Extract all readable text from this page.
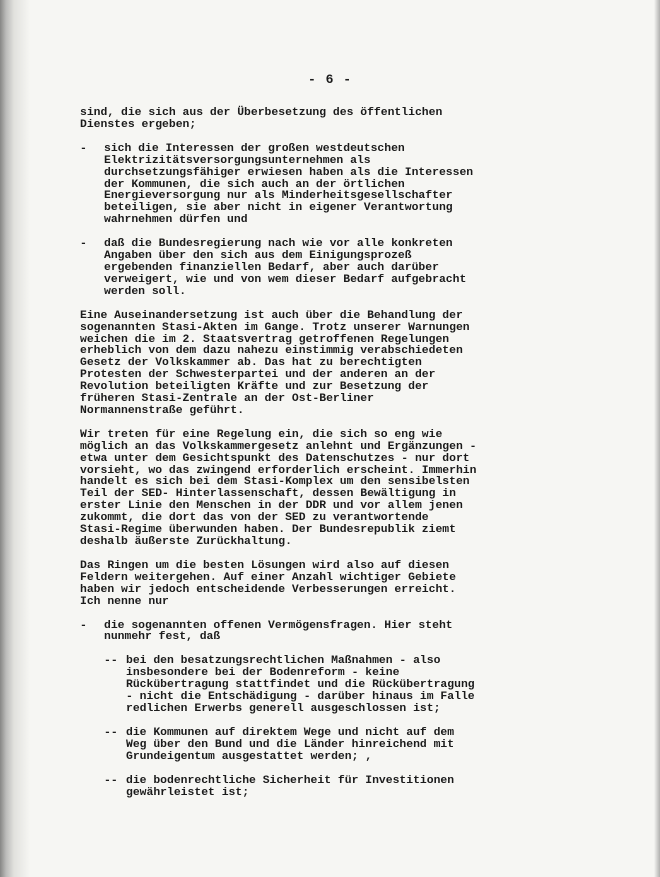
- 6 -
sind, die sich aus der Überbesetzung des öffentlichen
Dienstes ergeben;
- sich die Interessen der großen westdeutschen
Elektrizitätsversorgungsunternehmen als
durchsetzungsfähiger erwiesen haben als die Interessen
der Kommunen, die sich auch an der örtlichen
Energieversorgung nur als Minderheitsgesellschafter
beteiligen, sie aber nicht in eigener Verantwortung
wahrnehmen dürfen und
- daß die Bundesregierung nach wie vor alle konkreten
Angaben über den sich aus dem Einigungsprozeß
ergebenden finanziellen Bedarf, aber auch darüber
verweigert, wie und von wem dieser Bedarf aufgebracht
werden soll.
Eine Auseinandersetzung ist auch über die Behandlung der
sogenannten Stasi-Akten im Gange. Trotz unserer Warnungen
weichen die im 2. Staatsvertrag getroffenen Regelungen
erheblich von dem dazu nahezu einstimmig verabschiedeten
Gesetz der Volkskammer ab. Das hat zu berechtigten
Protesten der Schwesterpartei und der anderen an der
Revolution beteiligten Kräfte und zur Besetzung der
früheren Stasi-Zentrale an der Ost-Berliner
Normannenstraße geführt.
Wir treten für eine Regelung ein, die sich so eng wie
möglich an das Volkskammergesetz anlehnt und Ergänzungen -
etwa unter dem Gesichtspunkt des Datenschutzes - nur dort
vorsieht, wo das zwingend erforderlich erscheint. Immerhin
handelt es sich bei dem Stasi-Komplex um den sensibelsten
Teil der SED- Hinterlassenschaft, dessen Bewältigung in
erster Linie den Menschen in der DDR und vor allem jenen
zukommt, die dort das von der SED zu verantwortende
Stasi-Regime überwunden haben. Der Bundesrepublik ziemt
deshalb äußerste Zurückhaltung.
Das Ringen um die besten Lösungen wird also auf diesen
Feldern weitergehen. Auf einer Anzahl wichtiger Gebiete
haben wir jedoch entscheidende Verbesserungen erreicht.
Ich nenne nur
- die sogenannten offenen Vermögensfragen. Hier steht
nunmehr fest, daß
-- bei den besatzungsrechtlichen Maßnahmen - also
insbesondere bei der Bodenreform - keine
Rückübertragung stattfindet und die Rückübertragung
- nicht die Entschädigung - darüber hinaus im Falle
redlichen Erwerbs generell ausgeschlossen ist;
-- die Kommunen auf direktem Wege und nicht auf dem
Weg über den Bund und die Länder hinreichend mit
Grundeigentum ausgestattet werden; ,
-- die bodenrechtliche Sicherheit für Investitionen
gewährleistet ist;
